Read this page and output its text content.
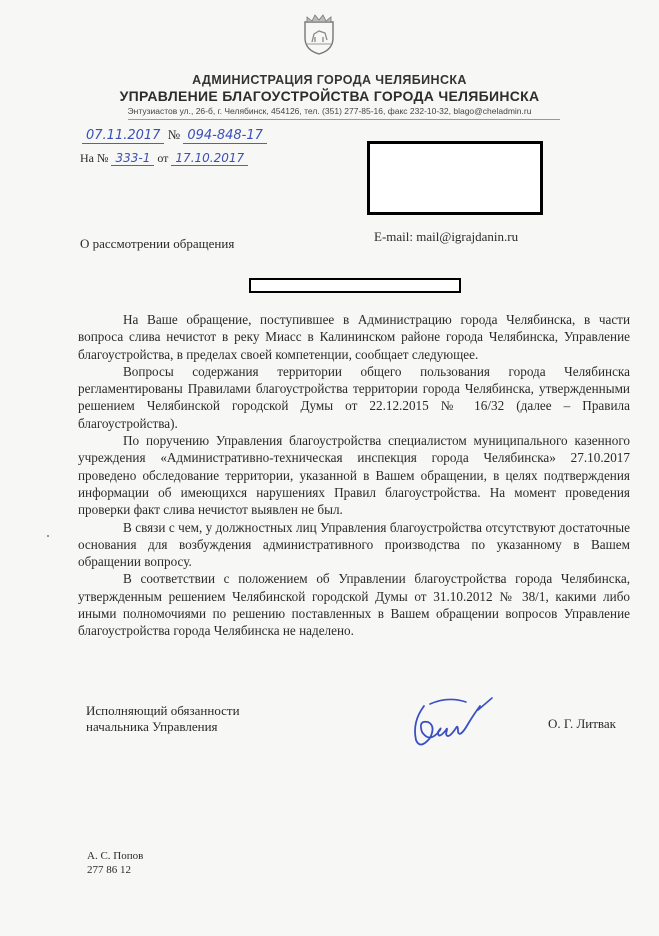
АДМИНИСТРАЦИЯ ГОРОДА ЧЕЛЯБИНСКА
УПРАВЛЕНИЕ БЛАГОУСТРОЙСТВА ГОРОДА ЧЕЛЯБИНСКА
Энтузиастов ул., 26-б, г. Челябинск, 454126, тел. (351) 277-85-16, факс 232-10-32, blago@cheladmin.ru
07.11.2017 № 094-848-17
На № 333-1 от 17.10.2017
О рассмотрении обращения	E-mail: mail@igrajdanin.ru

На Ваше обращение, поступившее в Администрацию города Челябинска, в части вопроса слива нечистот в реку Миасс в Калининском районе города Челябинска, Управление благоустройства, в пределах своей компетенции, сообщает следующее.

Вопросы содержания территории общего пользования города Челябинска регламентированы Правилами благоустройства территории города Челябинска, утвержденными решением Челябинской городской Думы от 22.12.2015 № 16/32 (далее – Правила благоустройства).

По поручению Управления благоустройства специалистом муниципального казенного учреждения «Административно-техническая инспекция города Челябинска» 27.10.2017 проведено обследование территории, указанной в Вашем обращении, в целях подтверждения информации об имеющихся нарушениях Правил благоустройства. На момент проведения проверки факт слива нечистот выявлен не был.

В связи с чем, у должностных лиц Управления благоустройства отсутствуют достаточные основания для возбуждения административного производства по указанному в Вашем обращении вопросу.

В соответствии с положением об Управлении благоустройства города Челябинска, утвержденным решением Челябинской городской Думы от 31.10.2012 № 38/1, какими либо иными полномочиями по решению поставленных в Вашем обращении вопросов Управление благоустройства города Челябинска не наделено.

Исполняющий обязанности
начальника Управления	О. Г. Литвак
А. С. Попов
277 86 12
